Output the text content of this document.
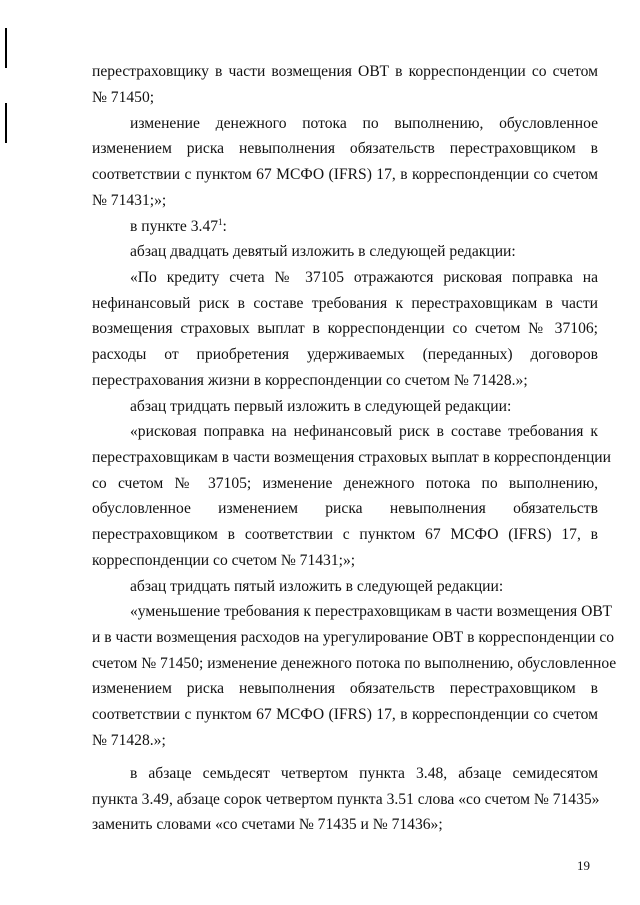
перестраховщику в части возмещения ОВТ в корреспонденции со счетом
№ 71450;
изменение денежного потока по выполнению, обусловленное
изменением риска невыполнения обязательств перестраховщиком в
соответствии с пунктом 67 МСФО (IFRS) 17, в корреспонденции со счетом
№ 71431;»;
в пункте 3.47$^1$:
абзац двадцать девятый изложить в следующей редакции:
«По кредиту счета № 37105 отражаются рисковая поправка на
нефинансовый риск в составе требования к перестраховщикам в части
возмещения страховых выплат в корреспонденции со счетом № 37106;
расходы от приобретения удерживаемых (переданных) договоров
перестрахования жизни в корреспонденции со счетом № 71428.»;
абзац тридцать первый изложить в следующей редакции:
«рисковая поправка на нефинансовый риск в составе требования к
перестраховщикам в части возмещения страховых выплат в корреспонденции
со счетом № 37105; изменение денежного потока по выполнению,
обусловленное изменением риска невыполнения обязательств
перестраховщиком в соответствии с пунктом 67 МСФО (IFRS) 17, в
корреспонденции со счетом № 71431;»;
абзац тридцать пятый изложить в следующей редакции:
«уменьшение требования к перестраховщикам в части возмещения ОВТ
и в части возмещения расходов на урегулирование ОВТ в корреспонденции со
счетом № 71450; изменение денежного потока по выполнению, обусловленное
изменением риска невыполнения обязательств перестраховщиком в
соответствии с пунктом 67 МСФО (IFRS) 17, в корреспонденции со счетом
№ 71428.»;
в абзаце семьдесят четвертом пункта 3.48, абзаце семидесятом
пункта 3.49, абзаце сорок четвертом пункта 3.51 слова «со счетом № 71435»
заменить словами «со счетами № 71435 и № 71436»;
19
